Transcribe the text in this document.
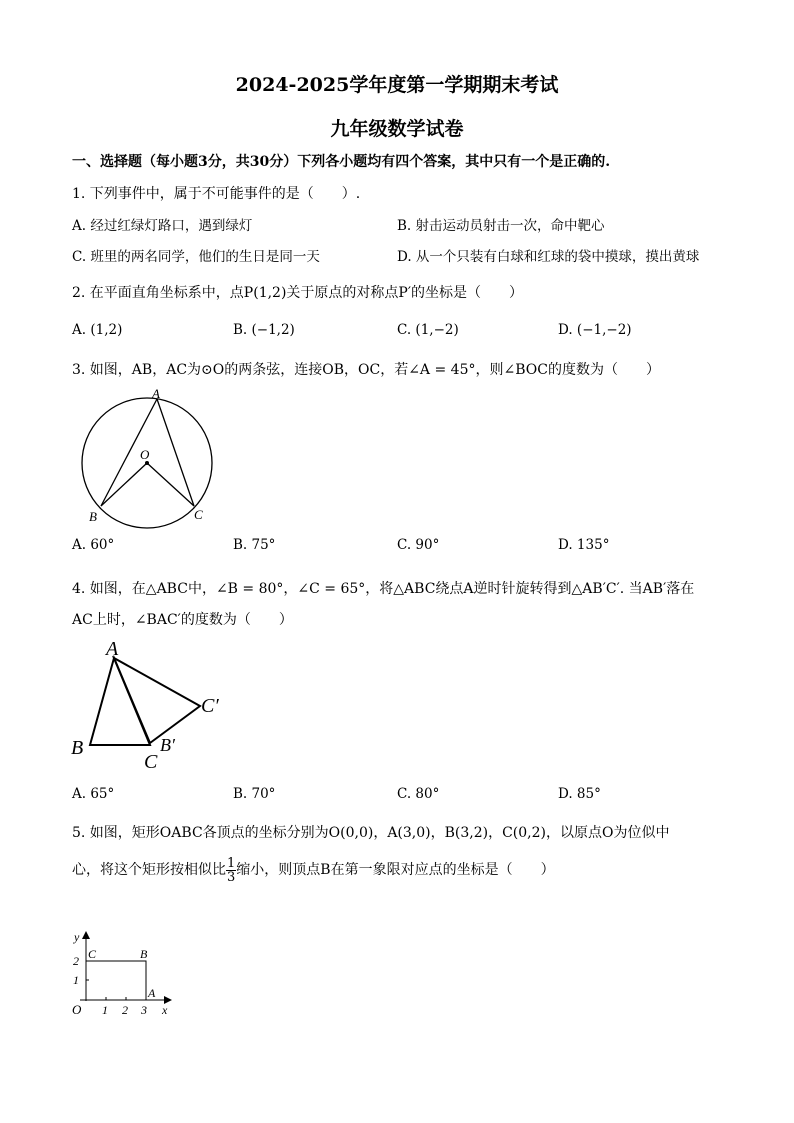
2024-2025学年度第一学期期末考试
九年级数学试卷
一、选择题（每小题3分，共30分）下列各小题均有四个答案，其中只有一个是正确的.
1. 下列事件中，属于不可能事件的是（　　）.
A. 经过红绿灯路口，遇到绿灯	B. 射击运动员射击一次，命中靶心
C. 班里的两名同学，他们的生日是同一天	D. 从一个只装有白球和红球的袋中摸球，摸出黄球
2. 在平面直角坐标系中，点P(1,2)关于原点的对称点P′的坐标是（　　）
A. (1,2)	B. (−1,2)	C. (1,−2)	D. (−1,−2)
3. 如图，AB，AC为⊙O的两条弦，连接OB，OC，若∠A = 45°，则∠BOC的度数为（　　）
A
O
B	C
A. 60°	B. 75°	C. 90°	D. 135°
4. 如图，在△ABC中，∠B = 80°，∠C = 65°，将△ABC绕点A逆时针旋转得到△AB′C′. 当AB′落在
AC上时，∠BAC′的度数为（　　）
A
B
C
C′
B′
A. 65°	B. 70°	C. 80°	D. 85°
5. 如图，矩形OABC各顶点的坐标分别为O(0,0)，A(3,0)，B(3,2)，C(0,2)，以原点O为位似中
心，将这个矩形按相似比 $\frac{1}{3}$ 缩小，则顶点B在第一象限对应点的坐标是（　　）
y
x
O
C	B
A
2
1
1 2 3
